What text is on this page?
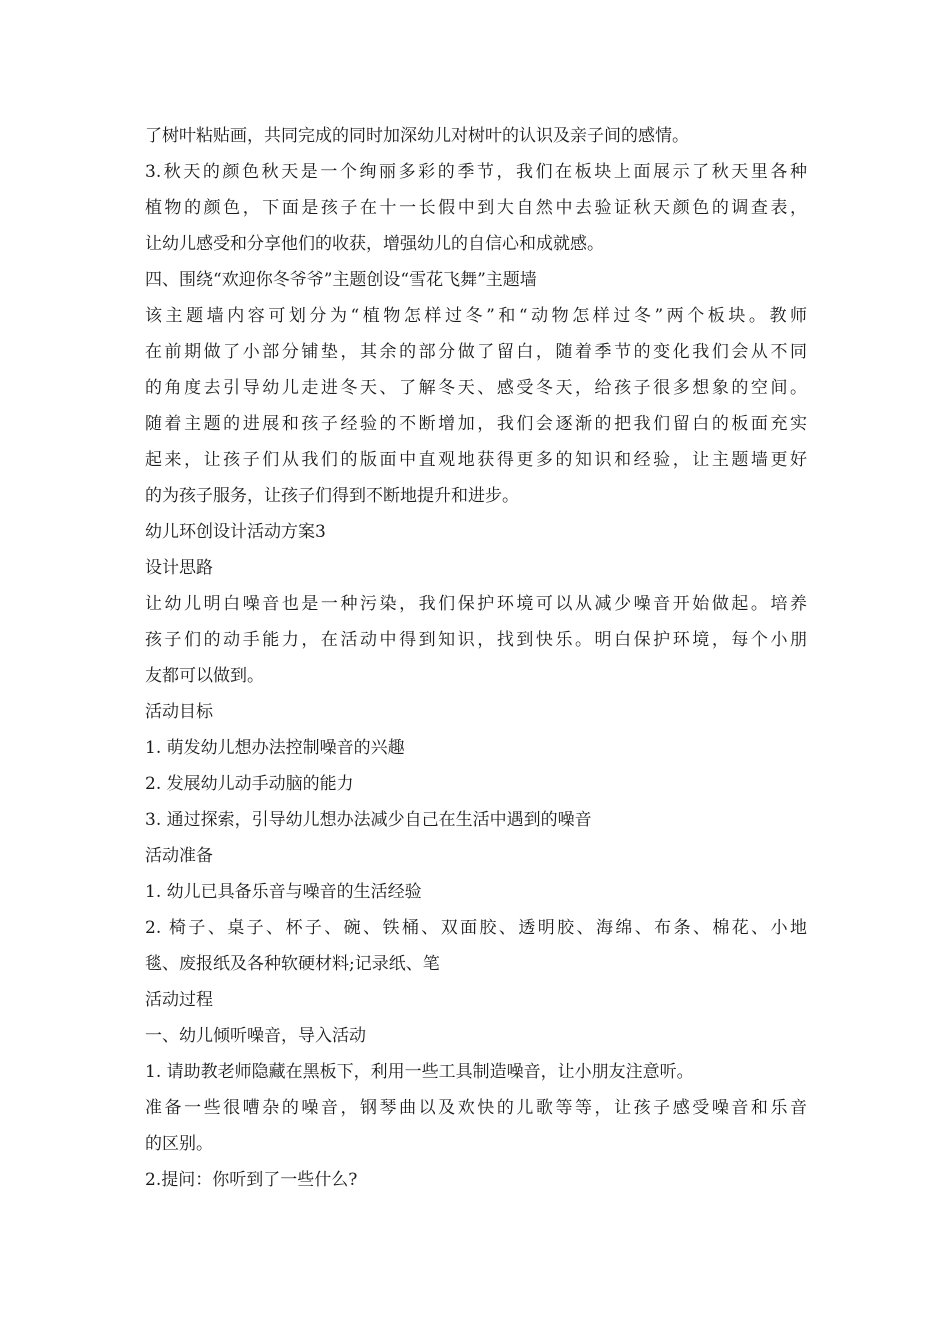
了树叶粘贴画，共同完成的同时加深幼儿对树叶的认识及亲子间的感情。
3.秋天的颜色秋天是一个绚丽多彩的季节，我们在板块上面展示了秋天里各种
植物的颜色，下面是孩子在十一长假中到大自然中去验证秋天颜色的调查表，
让幼儿感受和分享他们的收获，增强幼儿的自信心和成就感。
四、围绕“欢迎你冬爷爷”主题创设“雪花飞舞”主题墙
该主题墙内容可划分为“植物怎样过冬”和“动物怎样过冬”两个板块。教师
在前期做了小部分铺垫，其余的部分做了留白，随着季节的变化我们会从不同
的角度去引导幼儿走进冬天、了解冬天、感受冬天，给孩子很多想象的空间。
随着主题的进展和孩子经验的不断增加，我们会逐渐的把我们留白的板面充实
起来，让孩子们从我们的版面中直观地获得更多的知识和经验，让主题墙更好
的为孩子服务，让孩子们得到不断地提升和进步。
幼儿环创设计活动方案3
设计思路
让幼儿明白噪音也是一种污染，我们保护环境可以从减少噪音开始做起。培养
孩子们的动手能力，在活动中得到知识，找到快乐。明白保护环境，每个小朋
友都可以做到。
活动目标
1. 萌发幼儿想办法控制噪音的兴趣
2. 发展幼儿动手动脑的能力
3. 通过探索，引导幼儿想办法减少自己在生活中遇到的噪音
活动准备
1. 幼儿已具备乐音与噪音的生活经验
2. 椅子、桌子、杯子、碗、铁桶、双面胶、透明胶、海绵、布条、棉花、小地
毯、废报纸及各种软硬材料;记录纸、笔
活动过程
一、幼儿倾听噪音，导入活动
1. 请助教老师隐藏在黑板下，利用一些工具制造噪音，让小朋友注意听。
准备一些很嘈杂的噪音，钢琴曲以及欢快的儿歌等等，让孩子感受噪音和乐音
的区别。
2.提问：你听到了一些什么?
